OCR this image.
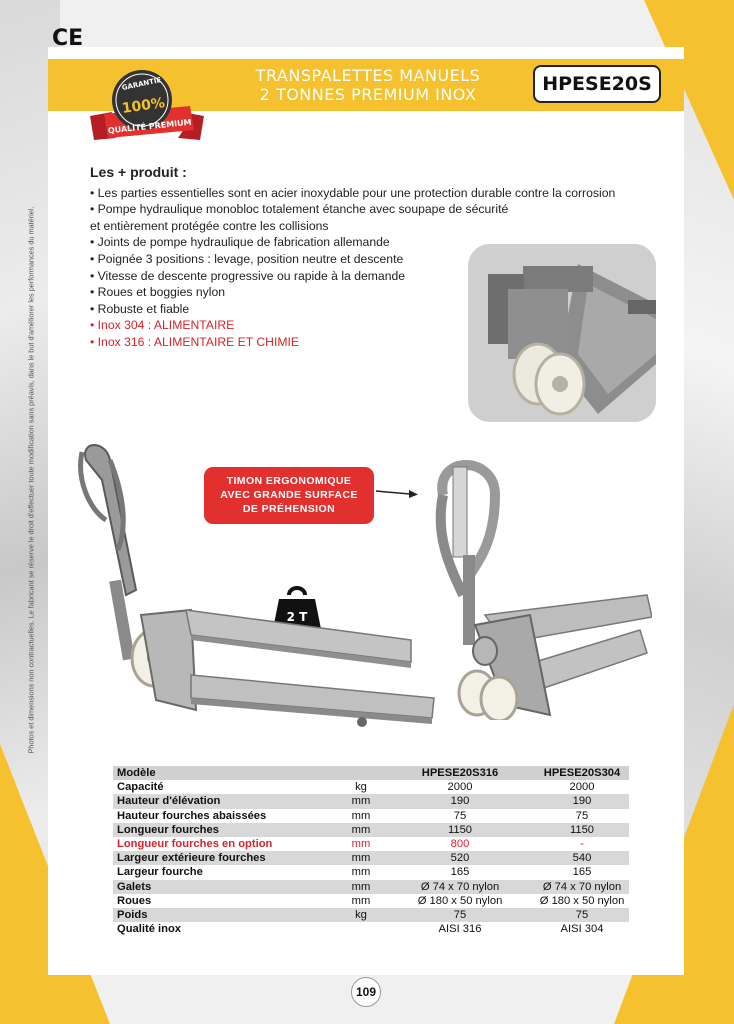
CE
Photos et dimensions non contractuelles. Le fabricant se réserve le droit d'effectuer toute modification sans préavis, dans le but d'améliorer les performances du matériel.
GARANTIE
100%
QUALITÉ PREMIUM
TRANSPALETTES MANUELS
2 TONNES PREMIUM INOX	HPESE20S
Les + produit :
• Les parties essentielles sont en acier inoxydable pour une protection durable contre la corrosion
• Pompe hydraulique monobloc totalement étanche avec soupape de sécurité
et entièrement protégée contre les collisions
• Joints de pompe hydraulique de fabrication allemande
• Poignée 3 positions : levage, position neutre et descente
• Vitesse de descente progressive ou rapide à la demande
• Roues et boggies nylon
• Robuste et fiable
• Inox 304 : ALIMENTAIRE
• Inox 316 : ALIMENTAIRE ET CHIMIE
TIMON ERGONOMIQUE
AVEC GRANDE SURFACE
DE PRÉHENSION
2 T
Modèle		HPESE20S316	HPESE20S304
Capacité	kg	2000	2000
Hauteur d'élévation	mm	190	190
Hauteur fourches abaissées	mm	75	75
Longueur fourches	mm	1150	1150
Longueur fourches en option	mm	800	-
Largeur extérieure fourches	mm	520	540
Largeur fourche	mm	165	165
Galets	mm	Ø 74 x 70 nylon	Ø 74 x 70 nylon
Roues	mm	Ø 180 x 50 nylon	Ø 180 x 50 nylon
Poids	kg	75	75
Qualité inox		AISI 316	AISI 304
109
